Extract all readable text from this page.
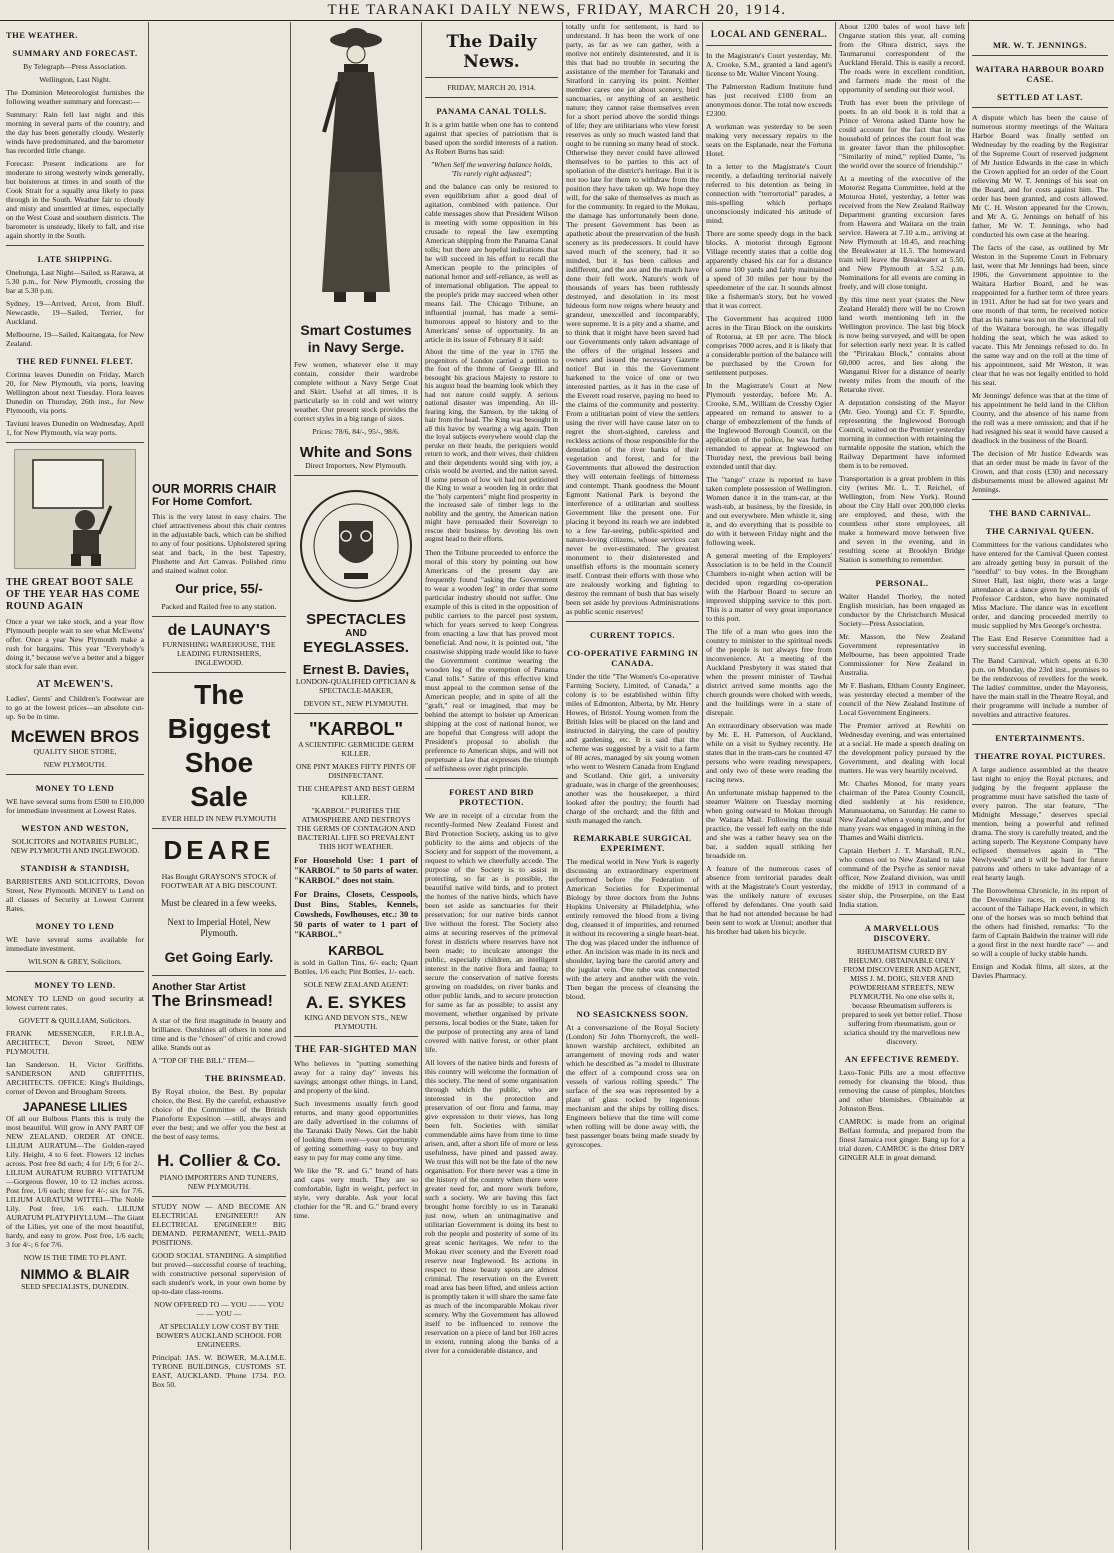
THE TARANAKI DAILY NEWS, FRIDAY, MARCH 20, 1914.
THE WEATHER.
SUMMARY AND FORECAST.

By Telegraph—Press Association.

Wellington, Last Night.

The Dominion Meteorologist furnishes the following weather summary and forecast:—

Summary: Rain fell last night and this morning in several parts of the country, and the day has been generally cloudy. Westerly winds have predominated, and the barometer has recorded little change.

Forecast: Present indications are for moderate to strong westerly winds generally, but boisterous at times in and south of the Cook Strait for a squally area likely to pass through in the South. Weather fair to cloudy and misty and unsettled at times, especially on the West Coast and southern districts. The barometer is unsteady, likely to fall, and rise again shortly in the South.

LATE SHIPPING.

Onehunga, Last Night—Sailed, ss Rarawa, at 5.30 p.m., for New Plymouth, crossing the bar at 5.30 p.m.

Sydney, 19—Arrived, Arcot, from Bluff. Newcastle, 19—Sailed, Terrier, for Auckland.

Melbourne, 19—Sailed, Kaitangata, for New Zealand.

THE RED FUNNEL FLEET.

Corinna leaves Dunedin on Friday, March 20, for New Plymouth, via ports, leaving Wellington about next Tuesday. Flora leaves Dunedin on Thursday, 26th inst., for New Plymouth, via ports.

Taviuni leaves Dunedin on Wednesday, April 1, for New Plymouth, via way ports.

THE GREAT BOOT SALE OF THE YEAR HAS COME ROUND AGAIN

Once a year we take stock, and a year flow Plymouth people wait to see what McEwens' offer. Once a year New Plymouth make a rush for bargains. This year "Everybody's doing it," because we've a better and a bigger stock for sale than ever.

AT McEWEN'S.

Ladies', Gents' and Children's Footwear are to go at the lowest prices—an absolute cut-up. So be in time.

McEWEN BROS

QUALITY SHOE STORE,

NEW PLYMOUTH.

MONEY TO LEND

WE have several sums from £500 to £10,000 for immediate investment at Lowest Rates.

WESTON AND WESTON,

SOLICITORS and NOTARIES PUBLIC, NEW PLYMOUTH AND INGLEWOOD.

STANDISH & STANDISH,

BARRISTERS AND SOLICITORS, Devon Street, New Plymouth. MONEY to Lend on all classes of Security at Lowest Current Rates.

MONEY TO LEND

WE have several sums available for immediate investment.

WILSON & GREY, Solicitors.

MONEY TO LEND.

MONEY TO LEND on good security at lowest current rates.

GOVETT & QUILLIAM, Solicitors.

FRANK MESSENGER, F.R.I.B.A., ARCHITECT, Devon Street, NEW PLYMOUTH.

Ian Sanderson. H. Victor Griffiths. SANDERSON AND GRIFFITHS, ARCHITECTS. OFFICE: King's Buildings, corner of Devon and Brougham Streets.

JAPANESE LILIES

Of all our Bulbous Plants this is truly the most beautiful. Will grow in ANY PART OF NEW ZEALAND. ORDER AT ONCE. LILIUM AURATUM—The Golden-rayed Lily. Height, 4 to 6 feet. Flowers 12 inches across. Post free 8d each; 4 for 1/9; 6 for 2/-. LILIUM AURATUM RUBRO VITTATUM—Gorgeous flower, 10 to 12 inches across. Post free, 1/6 each; three for 4/-; six for 7/6. LILIUM AURATUM WITTEI—The Noble Lily. Post free, 1/6 each. LILIUM AURATUM PLATYPHYLLUM—The Giant of the Lilies, yet one of the most beautiful, hardy, and easy to grow. Post free, 1/6 each; 3 for 4/-; 6 for 7/6.

NOW IS THE TIME TO PLANT.

NIMMO & BLAIR

SEED SPECIALISTS, DUNEDIN.

OUR MORRIS CHAIR
For Home Comfort.

This is the very latest in easy chairs. The chief attractiveness about this chair centres in the adjustable back, which can be shifted to any of four positions. Upholstered spring seat and back, in the best Tapestry, Plushette and Art Canvas. Polished rimu and stained walnut color.

Our price, 55/-

Packed and Railed free to any station.

de LAUNAY'S

FURNISHING WAREHOUSE, THE LEADING FURNISHERS, INGLEWOOD.

The
Biggest
Shoe
Sale

EVER HELD IN NEW PLYMOUTH

DEARE

Has Bought GRAYSON'S STOCK of FOOTWEAR AT A BIG DISCOUNT.

Must be cleared in a few weeks.

Next to Imperial Hotel, New Plymouth.

Get Going Early.
Another Star Artist
The Brinsmead!

A star of the first magnitude in beauty and brilliance. Outshines all others in tone and time and is the "chosen" of critic and crowd alike. Stands out as

A "TOP OF THE BILL" ITEM—

THE BRINSMEAD.

By Royal choice, the Best. By popular choice, the Best. By the careful, exhaustive choice of the Committee of the British Pianoforte Exposition —still, always and ever the best; and we offer you the best at the best of easy terms.

H. Collier & Co.

PIANO IMPORTERS AND TUNERS, NEW PLYMOUTH.

STUDY NOW — AND BECOME AN ELECTRICAL ENGINEER!! AN ELECTRICAL ENGINEER!! BIG DEMAND. PERMANENT, WELL-PAID POSITIONS.

GOOD SOCIAL STANDING. A simplified but proved—successful course of teaching, with constructive personal supervision of each student's work, in your own home by up-to-date class-rooms.

NOW OFFERED TO — YOU — — YOU — — YOU —

AT SPECIALLY LOW COST BY THE BOWER'S AUCKLAND SCHOOL FOR ENGINEERS.

Principal: JAS. W. BOWER, M.A.I.M.E. TYRONE BUILDINGS, CUSTOMS ST. EAST, AUCKLAND. 'Phone 1734. P.O. Box 50.

Smart Costumes in Navy Serge.

Few women, whatever else it may contain, consider their wardrobe complete without a Navy Serge Coat and Skirt. Useful at all times, it is particularly so in cold and wet wintry weather. Our present stock provides the correct styles in a big range of sizes.

Prices: 78/6, 84/-, 95/-, 98/6.

White and Sons

Direct Importers, New Plymouth.

SPECTACLES
AND
EYEGLASSES.
Ernest B. Davies,

LONDON-QUALIFIED OPTICIAN & SPECTACLE-MAKER,

DEVON ST., NEW PLYMOUTH.

"KARBOL"

A SCIENTIFIC GERMICIDE GERM KILLER.

ONE PINT MAKES FIFTY PINTS OF DISINFECTANT.

THE CHEAPEST AND BEST GERM KILLER.

"KARBOL" PURIFIES THE ATMOSPHERE AND DESTROYS THE GERMS OF CONTAGION AND BACTERIAL LIFE SO PREVALENT THIS HOT WEATHER.

For Household Use: 1 part of "KARBOL" to 50 parts of water. "KARBOL" does not stain.

For Drains, Closets, Cesspools, Dust Bins, Stables, Kennels, Cowsheds, Fowlhouses, etc.: 30 to 50 parts of water to 1 part of "KARBOL."

KARBOL

is sold in Gallon Tins, 6/- each; Quart Bottles, 1/6 each; Pint Bottles, 1/- each.

SOLE NEW ZEALAND AGENT:

A. E. SYKES

KING AND DEVON STS., NEW PLYMOUTH.

THE FAR-SIGHTED MAN

Who believes in "putting something away for a rainy day" invests his savings; amongst other things, in Land, and property of the kind.

Such investments usually fetch good returns, and many good opportunities are daily advertised in the columns of the Taranaki Daily News. Get the habit of looking them over—your opportunity of getting something easy to buy and easy to pay for may come any time.

We like the "R. and G." brand of hats and caps very much. They are so comfortable, light in weight, perfect in style, very durable. Ask your local clothier for the "R. and G." brand every time.

The Daily News.

FRIDAY, MARCH 20, 1914.

PANAMA CANAL TOLLS.

It is a grim battle when one has to contend against that species of patriotism that is based upon the sordid interests of a nation. As Robert Burns has said:

"When Self the wavering balance holds, 'Tis rarely right adjusted";

and the balance can only be restored to even equilibrium after a good deal of agitation, combined with patience. Our cable messages show that President Wilson is meeting with some opposition in his crusade to repeal the law exempting American shipping from the Panama Canal tolls; but there are hopeful indications that he will succeed in his effort to recall the American people to the principles of national honor and self-reliance, as well as of international obligation. The appeal to the people's pride may succeed when other means fail. The Chicago Tribune, an influential journal, has made a semi-humorous appeal to history and to the Americans' sense of opportunity. In an article in its issue of February 8 it said:

About the time of the year in 1765 the progenitors of London carried a petition to the foot of the throne of George III. and besought his gracious Majesty to restore to his august head the beaming look which they had not nature could supply. A serious national disaster was impending. An ill-fearing king, the Samson, by the taking of hair from the head. The King was besought in all this havoc by wearing a wig again. Then the loyal subjects everywhere would clap the peruke on their heads, the periquiers would return to work, and their wives, their children and their dependents would sing with joy, a crisis would be averted, and the nation saved. If some person of low wit had not petitioned the King to wear a wooden leg in order that the "holy carpenters" might find prosperity in the increased sale of timber legs to the nobility and the gentry, the American nation might have persuaded their Sovereign to rescue their business by devoting his own august head to their efforts.

Then the Tribune proceeded to enforce the moral of this story by pointing out how Americans of the present day are frequently found "asking the Government to wear a wooden leg" in order that some particular industry should not suffer. One example of this is cited in the opposition of public carriers to the parcel post system, which for years served to keep Congress from enacting a law that has proved most beneficial. And now, it is pointed out, "the coastwise shipping trade would like to have the Government continue wearing the wooden leg of the exemption of Panama Canal tolls." Satire of this effective kind must appeal to the common sense of the American people; and in spite of all the "graft," real or imagined, that may be behind the attempt to bolster up American shipping at the cost of national honor, we are hopeful that Congress will adopt the President's proposal to abolish the preference to American ships, and will not perpetuate a law that expresses the triumph of selfishness over right principle.

FOREST AND BIRD PROTECTION.

We are in receipt of a circular from the recently-formed New Zealand Forest and Bird Protection Society, asking us to give publicity to the aims and objects of the Society and for support of the movement, a request to which we cheerfully accede. The purpose of the Society is to assist in protecting, so far as is possible, the beautiful native wild birds, and to protect the homes of the native birds, which have been set aside as sanctuaries for their preservation; for our native birds cannot live without the forest. The Society also aims at securing reserves of the primeval forest in districts where reserves have not been made; to inculcate amongst the public, especially children, an intelligent interest in the native flora and fauna; to secure the conservation of native forests growing on roadsides, on river banks and other public lands, and to secure protection for same as far as possible; to assist any movement, whether organised by private persons, local bodies or the State, taken for the purpose of protecting any area of land covered with native forest, or other plant life.

All lovers of the native birds and forests of this country will welcome the formation of this society. The need of some organisation through which the public, who are interested in the protection and preservation of our flora and fauna, may give expression to their views, has long been felt. Societies with similar commendable aims have from time to time arisen, and, after a short life of more or less usefulness, have pined and passed away. We trust this will not be the fate of the new organisation. For there never was a time in the history of the country when there were greater need for, and more work before, such a society. We are having this fact brought home forcibly to us in Taranaki just now, when an unimaginative and utilitarian Government is doing its best to rob the people and posterity of some of its great scenic heritages. We refer to the Mokau river scenery and the Everett road reserve near Inglewood. Its actions in respect to these beauty spots are almost criminal. The reservation on the Everett road area has been lifted, and unless action is promptly taken it will share the same fate as much of the incomparable Mokau river scenery. Why the Government has allowed itself to be influenced to remove the reservation on a piece of land but 160 acres in extent, running along the banks of a river for a considerable distance, and

totally unfit for settlement, is hard to understand. It has been the work of one party, as far as we can gather, with a motive not entirely disinterested, and it is this that had no trouble in securing the assistance of the member for Taranaki and Stratford in carrying its point. Neither member cares one jot about scenery, bird sanctuaries, or anything of an aesthetic nature; they cannot raise themselves even for a short period above the sordid things of life; they are utilitarians who view forest reserves as only so much wasted land that ought to be running so many head of stock. Otherwise they never could have allowed themselves to be parties to this act of spoliation of the district's heritage. But it is not too late for them to withdraw from the position they have taken up. We hope they will, for the sake of themselves as much as for the community. In regard to the Mokau, the damage has unfortunately been done. The present Government has been as apathetic about the preservation of the bush scenery as its predecessors. It could have saved much of the scenery, had it so minded, but it has been callous and indifferent, and the axe and the match have done their fell work. Nature's work of thousands of years has been ruthlessly destroyed, and desolation in its most hideous form now reigns where beauty and grandeur, unexcelled and incomparably, were supreme. It is a pity and a shame, and to think that it might have been saved had our Governments only taken advantage of the offers of the original lessees and owners and issued the necessary Gazette notice! But in this the Government harkened to the voice of one or two interested parties, as it has in the case of the Everett road reserve, paying no heed to the claims of the community and posterity. From a utilitarian point of view the settlers using the river will have cause later on to regret the short-sighted, careless and reckless actions of those responsible for the denudation of the river banks of their vegetation and forest, and for the Governments that allowed the destruction they will entertain feelings of bitterness and contempt. Thank goodness the Mount Egmont National Park is beyond the interference of a utilitarian and soulless Government like the present one. For placing it beyond its reach we are indebted to a few far-seeing, public-spirited and nature-loving citizens, whose services can never be over-estimated. The greatest monument to their disinterested and unselfish efforts is the mountain scenery itself. Contrast their efforts with those who are zealously working and fighting to destroy the remnant of bush that has wisely been set aside by previous Administrations as public scenic reserves!

CURRENT TOPICS.
CO-OPERATIVE FARMING IN CANADA.

Under the title "The Women's Co-operative Farming Society, Limited, of Canada," a colony is to be established within fifty miles of Edmonton, Alberta, by Mr. Henry Howes, of Bristol. Young women from the British Isles will be placed on the land and instructed in dairying, the care of poultry and gardening, etc. It is said that the scheme was suggested by a visit to a farm of 80 acres, managed by six young women who went to Western Canada from England and Scotland. One girl, a university graduate, was in charge of the greenhouses; another was the housekeeper, a third looked after the poultry; the fourth had charge of the orchard; and the fifth and sixth managed the ranch.

REMARKABLE SURGICAL EXPERIMENT.

The medical world in New York is eagerly discussing an extraordinary experiment performed before the Federation of American Societies for Experimental Biology by three doctors from the Johns Hopkins University at Philadelphia, who entirely removed the blood from a living dog, cleansed it of impurities, and returned it without its recovering a single heart-beat. The dog was placed under the influence of ether. An incision was made in its neck and shoulder, laying bare the carotid artery and the jugular vein. One tube was connected with the artery and another with the vein. Then began the process of cleansing the blood.

NO SEASICKNESS SOON.

At a conversazione of the Royal Society (London) Sir John Thornycroft, the well-known warship architect, exhibited an arrangement of moving rods and water which he described as "a model to illustrate the effect of a compound cross sea on vessels of various rolling speeds." The surface of the sea was represented by a plate of glass rocked by ingenious mechanism and the ships by rolling discs. Engineers believe that the time will come when rolling will be done away with, the best passenger boats being made steady by gyroscopes.

LOCAL AND GENERAL.

In the Magistrate's Court yesterday, Mr. A. Crooke, S.M., granted a land agent's license to Mr. Walter Vincent Young.

The Palmerston Radium Institute fund has just received £100 from an anonymous donor. The total now exceeds £2300.

A workman was yesterday to be seen making very necessary repairs to the seats on the Esplanade, near the Fortuna Hotel.

In a letter to the Magistrate's Court recently, a defaulting territorial naively referred to his detention as being in connection with "terrortorial" parades, a mis-spelling which perhaps unconsciously indicated his attitude of mind.

There are some speedy dogs in the back blocks. A motorist through Egmont Village recently states that a collie dog apparently chased his car for a distance of some 100 yards and fairly maintained a speed of 30 miles per hour by the speedometer of the car. It sounds almost like a fisherman's story, but he vowed that it was correct.

The Government has acquired 1000 acres in the Tirau Block on the outskirts of Rotorua, at £8 per acre. The block comprises 7000 acres, and it is likely that a considerable portion of the balance will be purchased by the Crown for settlement purposes.

In the Magistrate's Court at New Plymouth yesterday, before Mr. A. Crooke, S.M., William de Cressby Ogier appeared on remand to answer to a charge of embezzlement of the funds of the Inglewood Borough Council, on the application of the police, he was further remanded to appear at Inglewood on Thursday next, the previous bail being extended until that day.

The "tango" craze is reported to have taken complete possession of Wellington. Women dance it in the tram-car, at the wash-tub, at business, by the fireside, in and out everywhere. Men whistle it, sing it, and do everything that is possible to do with it between Friday night and the following week.

A general meeting of the Employers' Association is to be held in the Council Chambers to-night when action will be decided upon regarding co-operation with the Harbour Board to secure an improved shipping service to this port. This is a matter of very great importance to this port.

The life of a man who goes into the country to minister to the spiritual needs of the people is not always free from inconvenience. At a meeting of the Auckland Presbytery it was stated that when the present minister of Tawhai district arrived some months ago the church grounds were choked with weeds, and the buildings were in a state of disrepair.

An extraordinary observation was made by Mr. E. H. Patterson, of Auckland, while on a visit to Sydney recently. He states that in the tram-cars he counted 47 persons who were reading newspapers, and only two of these were reading the racing news.

An unfortunate mishap happened to the steamer Waitere on Tuesday morning when going outward to Mokau through the Waitara Mail. Following the usual practice, the vessel left early on the tide and she was a rather heavy sea on the bar, a sudden squall striking her broadside on.

A feature of the numerous cases of absence from territorial parades dealt with at the Magistrate's Court yesterday, was the unlikely nature of excuses offered by defendants. One youth said that he had not attended because he had been sent to work at Urenui; another that his brother had taken his bicycle.

About 1200 bales of wool have left Ongarue station this year, all coming from the Ohura district, says the Taumarunui correspondent of the Auckland Herald. This is easily a record. The roads were in excellent condition, and farmers made the most of the opportunity of sending out their wool.

Truth has ever been the privilege of poets. In an old book it is told that a Prince of Verona asked Dante how he could account for the fact that in the household of princes the court fool was in greater favor than the philosopher. "Similarity of mind," replied Dante, "is the world over the source of friendship."

At a meeting of the executive of the Motorist Regatta Committee, held at the Moturoa Hotel, yesterday, a letter was received from the New Zealand Railway Department granting excursion fares from Hawera and Waitara on the train service. Hawera at 7.10 a.m., arriving at New Plymouth at 10.45, and reaching the Breakwater at 11.5. The homeward train will leave the Breakwater at 5.50, and New Plymouth at 5.52 p.m. Nominations for all events are coming in freely, and will close tonight.

By this time next year (states the New Zealand Herald) there will be no Crown land worth mentioning left in the Wellington province. The last big block is now being surveyed, and will be open for selection early next year. It is called the "Pirirakau Block," contains about 60,000 acres, and lies along the Wanganui River for a distance of nearly twenty miles from the mouth of the Retaruke river.

A deputation consisting of the Mayor (Mr. Geo. Young) and Cr. F. Spurdle, representing the Inglewood Borough Council, waited on the Premier yesterday morning in connection with retaining the turntable opposite the station, which the Railway Department have informed them is to be removed.

Transportation is a great problem in this city (writes Mr. L. T. Reichel, of Wellington, from New York). Round about the City Hall over 200,000 clerks are employed, and these, with the countless other store employees, all make a homeward move between five and seven in the evening, and in resulting scene at Brooklyn Bridge Station is something to remember.

PERSONAL.

Walter Handel Thorley, the noted English musician, has been engaged as conductor by the Christchurch Musical Society—Press Association.

Mr. Masson, the New Zealand Government representative in Melbourne, has been appointed Trade Commissioner for New Zealand in Australia.

Mr F. Basham, Eltham County Engineer, was yesterday elected a member of the council of the New Zealand Institute of Local Government Engineers.

The Premier arrived at Rewhiti on Wednesday evening, and was entertained at a social. He made a speech dealing on the development policy pursued by the Government, and dealing with local matters. He was very heartily received.

Mr. Charles Monod, for many years chairman of the Patea County Council, died suddenly at his residence, Matunuaotama, on Saturday. He came to New Zealand when a young man, and for many years was engaged in mining in the Thames and Waihi districts.

Captain Herbert J. T. Marshall, R.N., who comes out to New Zealand to take command of the Psyche as senior naval officer, New Zealand division, was until the middle of 1913 in command of a sister ship, the Proserpine, on the East India station.

A MARVELLOUS DISCOVERY.

RHEUMATISM CURED BY RHEUMO. OBTAINABLE ONLY FROM DISCOVERER AND AGENT, MISS J. M. DOIG, SILVER AND POWDERHAM STREETS, NEW PLYMOUTH. No one else sells it, because Rheumatism sufferers is prepared to seek yet better relief. Those suffering from rheumatism, gout or sciatica should try the marvellous new discovery.

AN EFFECTIVE REMEDY.

Laxo-Tonic Pills are a most effective remedy for cleansing the blood, thus removing the cause of pimples, blotches and other blemishes. Obtainable at Johnston Bros.

CAMROC is made from an original Belfast formula, and prepared from the finest Jamaica root ginger. Bang up for a trial dozen. CAMROC is the driest DRY GINGER ALE in great demand.

MR. W. T. JENNINGS.
WAITARA HARBOUR BOARD CASE.
SETTLED AT LAST.

A dispute which has been the cause of numerous stormy meetings of the Waitara Harbor Board was finally settled on Wednesday by the reading by the Registrar of the Supreme Court of reserved judgment of Mr Justice Edwards in the case in which the Crown applied for an order of the Court relieving Mr W. T. Jennings of his seat on the Board, and for costs against him. The order has been granted, and costs allowed. Mr C. H. Weston appeared for the Crown, and Mr A. G. Jennings on behalf of his father, Mr W. T. Jennings, who had conducted his own case at the hearing.

The facts of the case, as outlined by Mr Weston in the Supreme Court in February last, were that Mr Jennings had been, since 1906, the Government appointee to the Waitara Harbor Board, and he was reappointed for a further term of three years in 1911. After he had sat for two years and one month of that term, he received notice that as his name was not on the electoral roll of the Waitara borough, he was illegally holding the seat, which he was asked to vacate. This Mr Jennings refused to do. In the same way and on the roll at the time of his appointment, said Mr Weston, it was clear that he was not legally entitled to hold his seat.

Mr Jennings' defence was that at the time of his appointment he held land in the Clifton County, and the absence of his name from the roll was a mere omission; and that if he had resigned his seat it would have caused a deadlock in the business of the Board.

The decision of Mr Justice Edwards was that an order must be made in favor of the Crown, and that costs (£30) and necessary disbursements must be allowed against Mr Jennings.

THE BAND CARNIVAL.
THE CARNIVAL QUEEN.

Committees for the various candidates who have entered for the Carnival Queen contest are already getting busy in pursuit of the "needful" to buy votes. In the Brougham Street Hall, last night, there was a large attendance at a dance given by the pupils of Professor Cardston, who have nominated Miss Maclure. The dance was in excellent order, and dancing proceeded merrily to music supplied by Mrs George's orchestra.

The East End Reserve Committee had a very successful evening.

The Band Carnival, which opens at 6.30 p.m. on Monday, the 23rd inst., promises to be the rendezvous of revellers for the week. The ladies' committee, under the Mayoress, have the main stall in the Theatre Royal, and their programme will include a number of novelties and attractive features.

ENTERTAINMENTS.
THEATRE ROYAL PICTURES.

A large audience assembled at the theatre last night to enjoy the Royal pictures, and judging by the frequent applause the programme must have satisfied the taste of every patron. The star feature, "The Midnight Message," deserves special mention, being a powerful and refined drama. The story is carefully treated, and the acting superb. The Keystone Company have eclipsed themselves again in "The Newlyweds" and it will be hard for future patrons and others to take advantage of a real hearty laugh.

The Borowhenua Chronicle, in its report of the Devonshire races, in concluding its account of the Taihape Hack event, in which one of the horses was so much behind that the others had finished, remarks: "To the farm of Captain Baldwin the trainer will ride a good first in the next hurdle race" — and so will a couple of lucky stable hands.

Ensign and Kodak films, all sizes, at the Davies Pharmacy.
